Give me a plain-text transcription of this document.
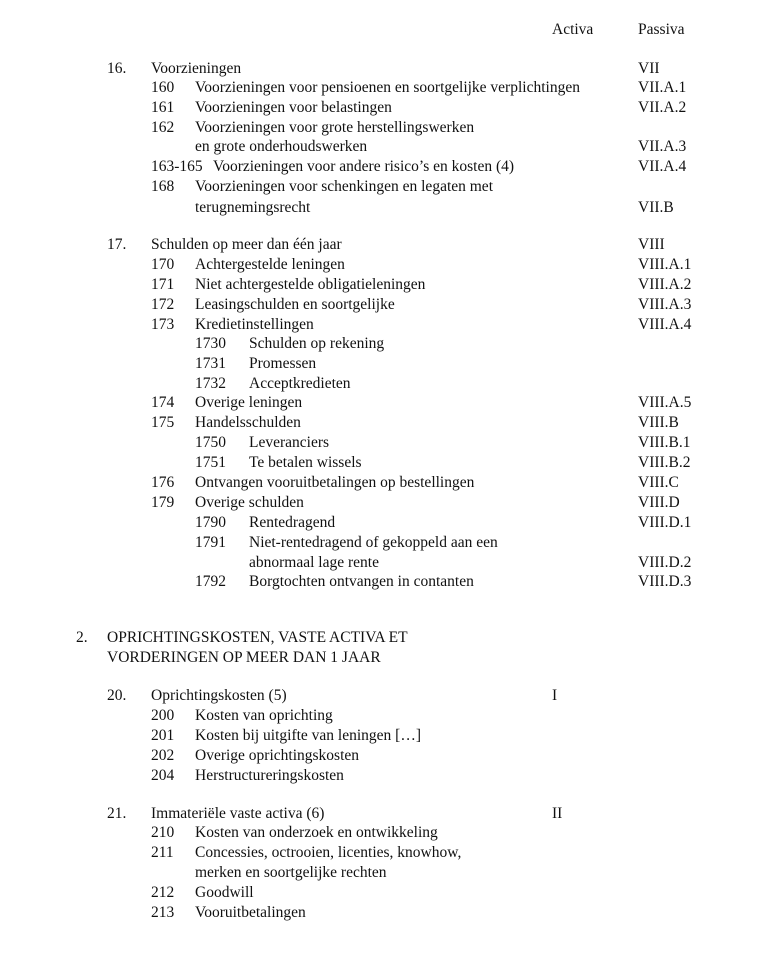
Activa	Passiva
16. Voorzieningen	VII
160 Voorzieningen voor pensioenen en soortgelijke verplichtingen	VII.A.1
161 Voorzieningen voor belastingen	VII.A.2
162 Voorzieningen voor grote herstellingswerken
en grote onderhoudswerken	VII.A.3
163-165 Voorzieningen voor andere risico’s en kosten (4)	VII.A.4
168 Voorzieningen voor schenkingen en legaten met
terugnemingsrecht	VII.B
17. Schulden op meer dan één jaar	VIII
170 Achtergestelde leningen	VIII.A.1
171 Niet achtergestelde obligatieleningen	VIII.A.2
172 Leasingschulden en soortgelijke	VIII.A.3
173 Kredietinstellingen	VIII.A.4
1730 Schulden op rekening
1731 Promessen
1732 Acceptkredieten
174 Overige leningen	VIII.A.5
175 Handelsschulden	VIII.B
1750 Leveranciers	VIII.B.1
1751 Te betalen wissels	VIII.B.2
176 Ontvangen vooruitbetalingen op bestellingen	VIII.C
179 Overige schulden	VIII.D
1790 Rentedragend	VIII.D.1
1791 Niet-rentedragend of gekoppeld aan een
abnormaal lage rente	VIII.D.2
1792 Borgtochten ontvangen in contanten	VIII.D.3
2. OPRICHTINGSKOSTEN, VASTE ACTIVA ET
VORDERINGEN OP MEER DAN 1 JAAR
20. Oprichtingskosten (5)	I
200 Kosten van oprichting
201 Kosten bij uitgifte van leningen […]
202 Overige oprichtingskosten
204 Herstructureringskosten
21. Immateriële vaste activa (6)	II
210 Kosten van onderzoek en ontwikkeling
211 Concessies, octrooien, licenties, knowhow,
merken en soortgelijke rechten
212 Goodwill
213 Vooruitbetalingen
